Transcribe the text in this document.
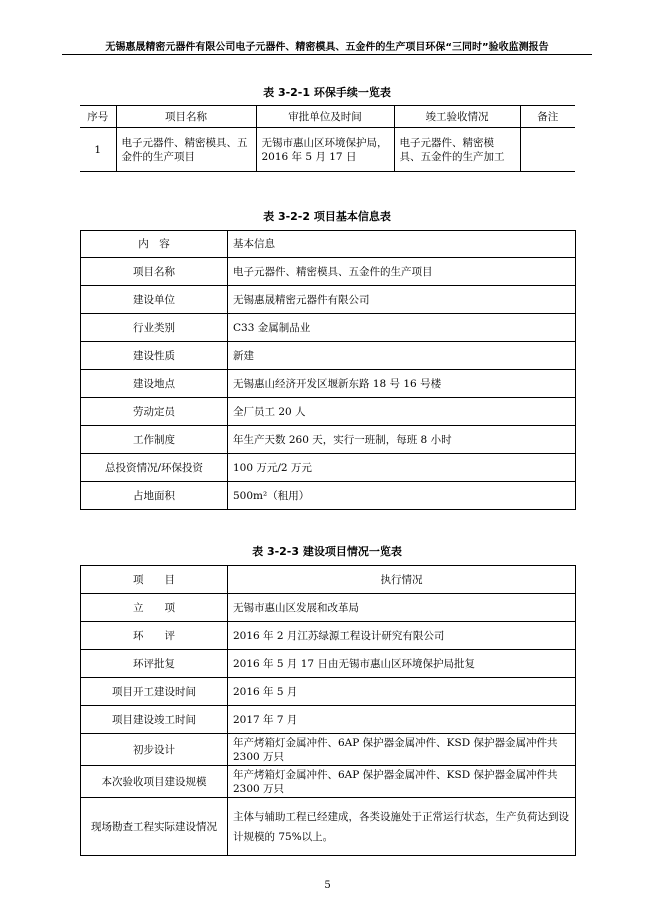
无锡惠晟精密元器件有限公司电子元器件、精密模具、五金件的生产项目环保“三同时”验收监测报告
表 3-2-1 环保手续一览表
序号	项目名称	审批单位及时间	竣工验收情况	备注
1	电子元器件、精密模具、五金件的生产项目	无锡市惠山区环境保护局，2016 年 5 月 17 日	电子元器件、精密模具、五金件的生产加工	
表 3-2-2 项目基本信息表
内　容	基本信息
项目名称	电子元器件、精密模具、五金件的生产项目
建设单位	无锡惠晟精密元器件有限公司
行业类别	C33 金属制品业
建设性质	新建
建设地点	无锡惠山经济开发区堰新东路 18 号 16 号楼
劳动定员	全厂员工 20 人
工作制度	年生产天数 260 天，实行一班制，每班 8 小时
总投资情况/环保投资	100 万元/2 万元
占地面积	500m²（租用）
表 3-2-3 建设项目情况一览表
项　　目	执行情况
立　　项	无锡市惠山区发展和改革局
环　　评	2016 年 2 月江苏绿源工程设计研究有限公司
环评批复	2016 年 5 月 17 日由无锡市惠山区环境保护局批复
项目开工建设时间	2016 年 5 月
项目建设竣工时间	2017 年 7 月
初步设计	年产烤箱灯金属冲件、6AP 保护器金属冲件、KSD 保护器金属冲件共 2300 万只
本次验收项目建设规模	年产烤箱灯金属冲件、6AP 保护器金属冲件、KSD 保护器金属冲件共 2300 万只
现场勘查工程实际建设情况	主体与辅助工程已经建成，各类设施处于正常运行状态，生产负荷达到设计规模的 75%以上。
5
